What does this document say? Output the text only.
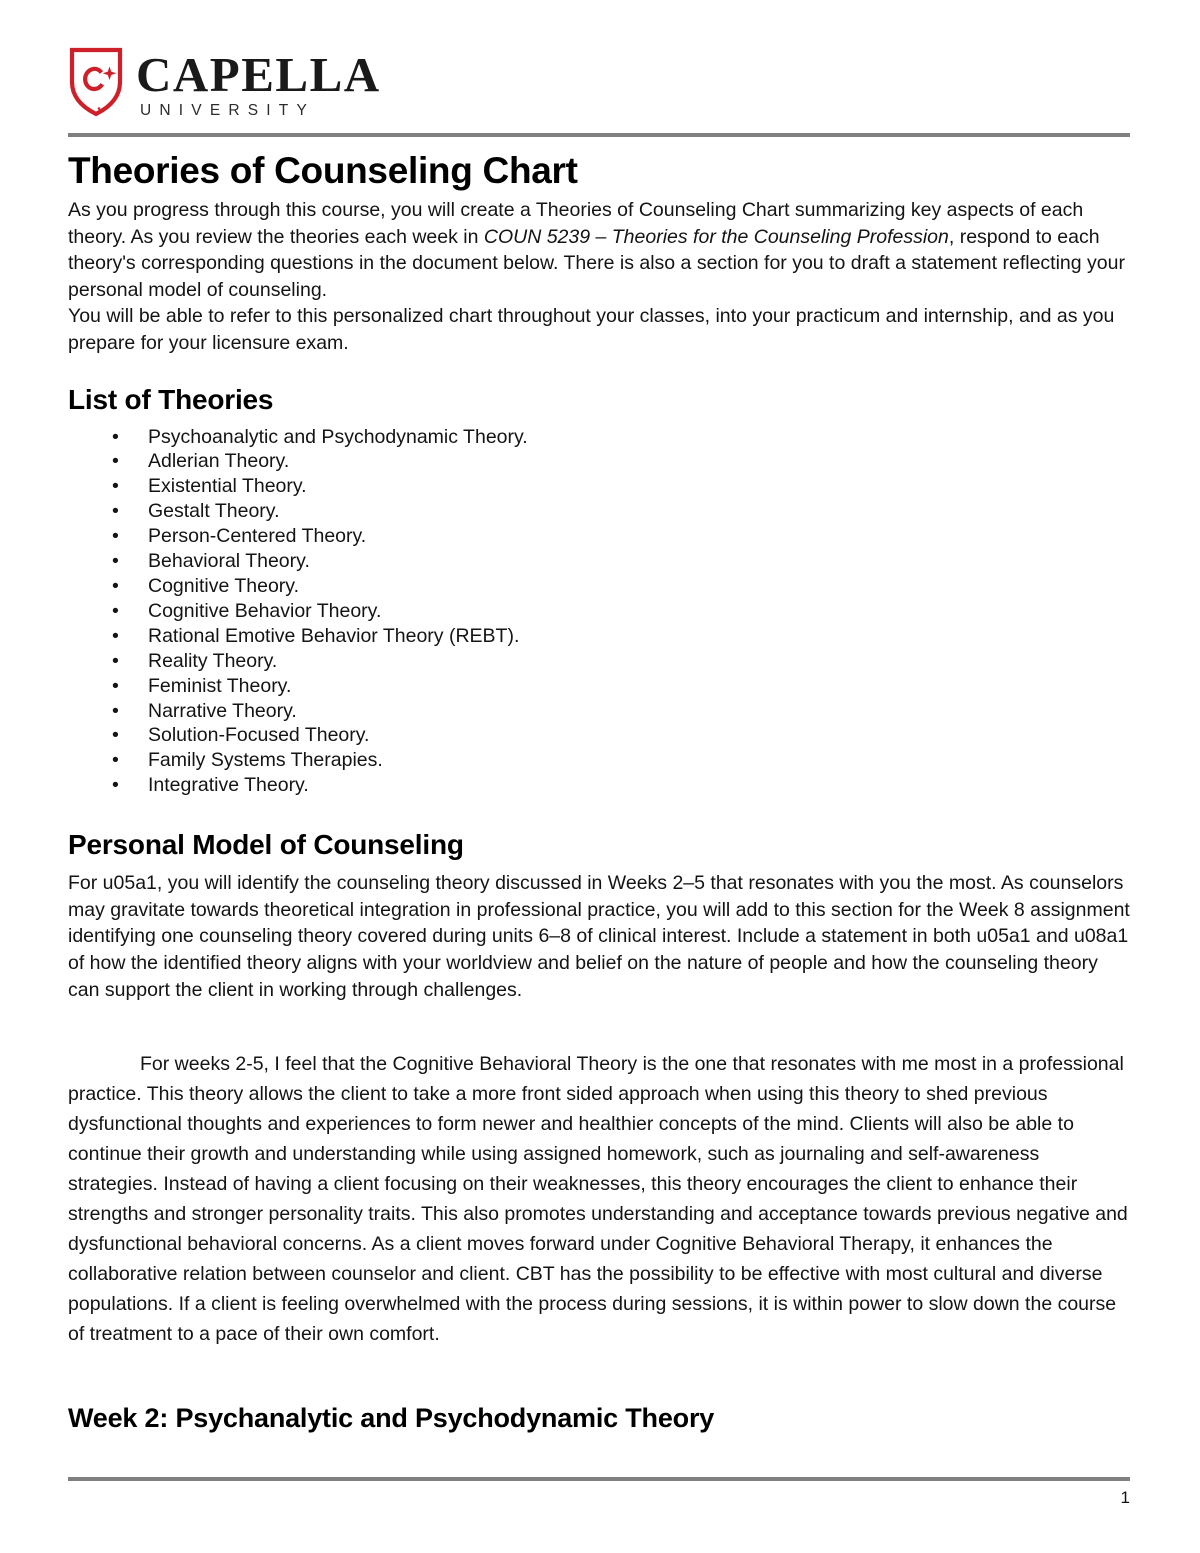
CAPELLA
UNIVERSITY
Theories of Counseling Chart

As you progress through this course, you will create a Theories of Counseling Chart summarizing key aspects of each theory. As you review the theories each week in COUN 5239 – Theories for the Counseling Profession, respond to each theory's corresponding questions in the document below. There is also a section for you to draft a statement reflecting your personal model of counseling.

You will be able to refer to this personalized chart throughout your classes, into your practicum and internship, and as you prepare for your licensure exam.

List of Theories
• Psychoanalytic and Psychodynamic Theory.
• Adlerian Theory.
• Existential Theory.
• Gestalt Theory.
• Person-Centered Theory.
• Behavioral Theory.
• Cognitive Theory.
• Cognitive Behavior Theory.
• Rational Emotive Behavior Theory (REBT).
• Reality Theory.
• Feminist Theory.
• Narrative Theory.
• Solution-Focused Theory.
• Family Systems Therapies.
• Integrative Theory.
Personal Model of Counseling

For u05a1, you will identify the counseling theory discussed in Weeks 2–5 that resonates with you the most. As counselors may gravitate towards theoretical integration in professional practice, you will add to this section for the Week 8 assignment identifying one counseling theory covered during units 6–8 of clinical interest. Include a statement in both u05a1 and u08a1 of how the identified theory aligns with your worldview and belief on the nature of people and how the counseling theory can support the client in working through challenges.

For weeks 2-5, I feel that the Cognitive Behavioral Theory is the one that resonates with me most in a professional practice. This theory allows the client to take a more front sided approach when using this theory to shed previous dysfunctional thoughts and experiences to form newer and healthier concepts of the mind. Clients will also be able to continue their growth and understanding while using assigned homework, such as journaling and self-awareness strategies. Instead of having a client focusing on their weaknesses, this theory encourages the client to enhance their strengths and stronger personality traits. This also promotes understanding and acceptance towards previous negative and dysfunctional behavioral concerns. As a client moves forward under Cognitive Behavioral Therapy, it enhances the collaborative relation between counselor and client. CBT has the possibility to be effective with most cultural and diverse populations. If a client is feeling overwhelmed with the process during sessions, it is within power to slow down the course of treatment to a pace of their own comfort.

Week 2: Psychanalytic and Psychodynamic Theory
1
